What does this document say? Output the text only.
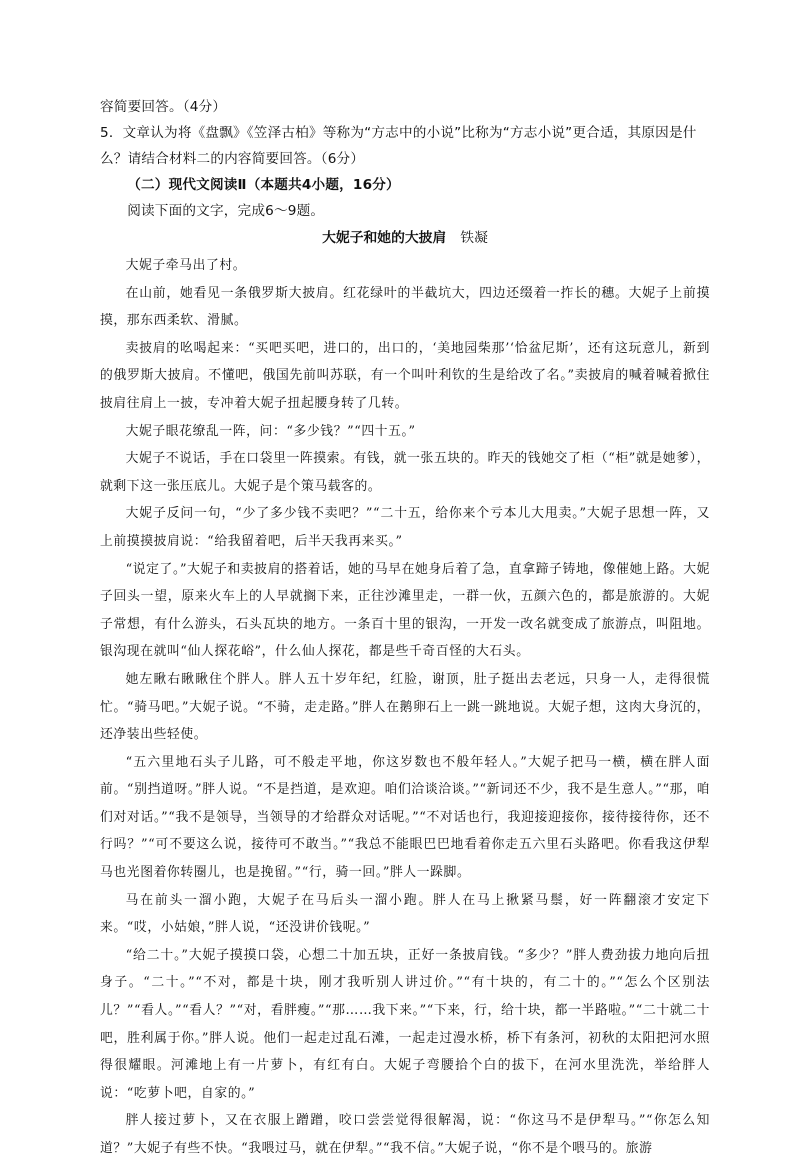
容简要回答。（4分）

5．文章认为将《盘飘》《笠泽古柏》等称为“方志中的小说”比称为“方志小说”更合适，其原因是什么？请结合材料二的内容简要回答。（6分）

（二）现代文阅读Ⅱ（本题共4小题，16分）

阅读下面的文字，完成6～9题。

大妮子和她的大披肩 铁凝

大妮子牵马出了村。

在山前，她看见一条俄罗斯大披肩。红花绿叶的半截坑大，四边还缀着一拃长的穗。大妮子上前摸摸，那东西柔软、滑腻。

卖披肩的吆喝起来：“买吧买吧，进口的，出口的，‘美地园柴那’‘恰盆尼斯’，还有这玩意儿，新到的俄罗斯大披肩。不懂吧，俄国先前叫苏联，有一个叫叶利钦的生是给改了名。”卖披肩的喊着喊着掀住披肩往肩上一披，专冲着大妮子扭起腰身转了几转。

大妮子眼花缭乱一阵，问：“多少钱？”“四十五。”

大妮子不说话，手在口袋里一阵摸索。有钱，就一张五块的。昨天的钱她交了柜（“柜”就是她爹），就剩下这一张压底儿。大妮子是个策马载客的。

大妮子反问一句，“少了多少钱不卖吧？”“二十五，给你来个亏本儿大甩卖。”大妮子思想一阵，又上前摸摸披肩说：“给我留着吧，后半天我再来买。”

“说定了。”大妮子和卖披肩的搭着话，她的马早在她身后着了急，直拿蹄子铸地，像催她上路。大妮子回头一望，原来火车上的人早就搁下来，正往沙滩里走，一群一伙，五颜六色的，都是旅游的。大妮子常想，有什么游头，石头瓦块的地方。一条百十里的银沟，一开发一改名就变成了旅游点，叫阻地。银沟现在就叫“仙人探花峪”，什么仙人探花，都是些千奇百怪的大石头。

她左瞅右瞅瞅住个胖人。胖人五十岁年纪，红脸，谢顶，肚子挺出去老远，只身一人，走得很慌忙。“骑马吧。”大妮子说。“不骑，走走路。”胖人在鹅卵石上一跳一跳地说。大妮子想，这肉大身沉的，还净装出些轻使。

“五六里地石头子儿路，可不般走平地，你这岁数也不般年轻人。”大妮子把马一横，横在胖人面前。“别挡道呀。”胖人说。“不是挡道，是欢迎。咱们洽谈洽谈。”“新词还不少，我不是生意人。”“那，咱们对对话。”“我不是领导，当领导的才给群众对话呢。”“不对话也行，我迎接迎接你，接待接待你，还不行吗？”“可不要这么说，接待可不敢当。”“我总不能眼巴巴地看着你走五六里石头路吧。你看我这伊犁马也光图着你转圈儿，也是挽留。”“行，骑一回。”胖人一跺脚。

马在前头一溜小跑，大妮子在马后头一溜小跑。胖人在马上揪紧马鬃，好一阵翻滚才安定下来。“哎，小姑娘，”胖人说，“还没讲价钱呢。”

“给二十。”大妮子摸摸口袋，心想二十加五块，正好一条披肩钱。“多少？”胖人费劲拔力地向后扭身子。“二十。”“不对，都是十块，刚才我听别人讲过价。”“有十块的，有二十的。”“怎么个区别法儿？”“看人。”“看人？”“对，看胖瘦。”“那……我下来。”“下来，行，给十块，都一半路啦。”“二十就二十吧，胜利属于你。”胖人说。他们一起走过乱石滩，一起走过漫水桥，桥下有条河，初秋的太阳把河水照得很耀眼。河滩地上有一片萝卜，有红有白。大妮子弯腰拾个白的拔下，在河水里洗洗，举给胖人说：“吃萝卜吧，自家的。”

胖人接过萝卜，又在衣服上蹭蹭，咬口尝尝觉得很解渴，说：“你这马不是伊犁马。”“你怎么知道？”大妮子有些不快。“我喂过马，就在伊犁。”“我不信。”大妮子说，“你不是个喂马的。旅游
